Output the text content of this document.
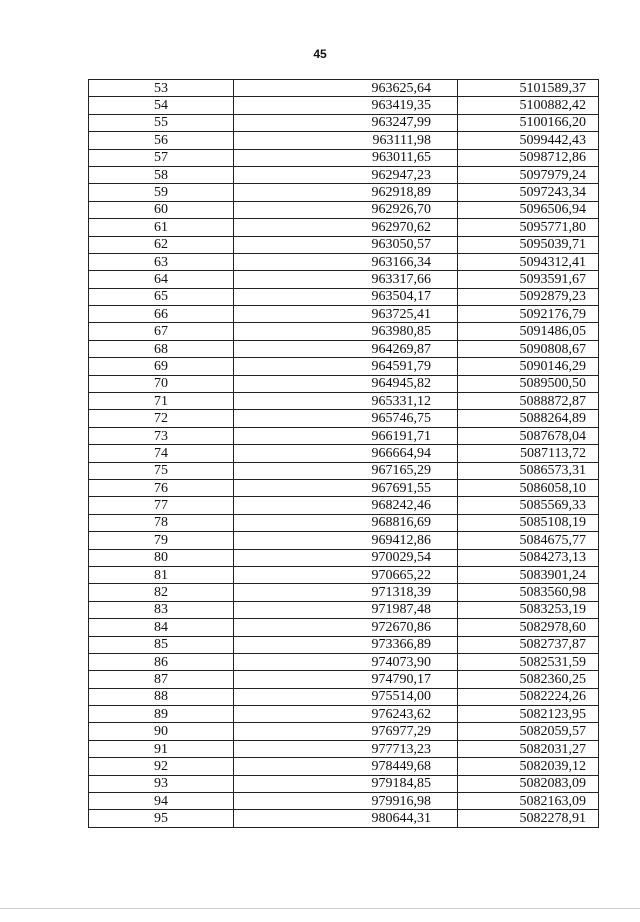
45
53	963625,64	5101589,37
54	963419,35	5100882,42
55	963247,99	5100166,20
56	963111,98	5099442,43
57	963011,65	5098712,86
58	962947,23	5097979,24
59	962918,89	5097243,34
60	962926,70	5096506,94
61	962970,62	5095771,80
62	963050,57	5095039,71
63	963166,34	5094312,41
64	963317,66	5093591,67
65	963504,17	5092879,23
66	963725,41	5092176,79
67	963980,85	5091486,05
68	964269,87	5090808,67
69	964591,79	5090146,29
70	964945,82	5089500,50
71	965331,12	5088872,87
72	965746,75	5088264,89
73	966191,71	5087678,04
74	966664,94	5087113,72
75	967165,29	5086573,31
76	967691,55	5086058,10
77	968242,46	5085569,33
78	968816,69	5085108,19
79	969412,86	5084675,77
80	970029,54	5084273,13
81	970665,22	5083901,24
82	971318,39	5083560,98
83	971987,48	5083253,19
84	972670,86	5082978,60
85	973366,89	5082737,87
86	974073,90	5082531,59
87	974790,17	5082360,25
88	975514,00	5082224,26
89	976243,62	5082123,95
90	976977,29	5082059,57
91	977713,23	5082031,27
92	978449,68	5082039,12
93	979184,85	5082083,09
94	979916,98	5082163,09
95	980644,31	5082278,91
